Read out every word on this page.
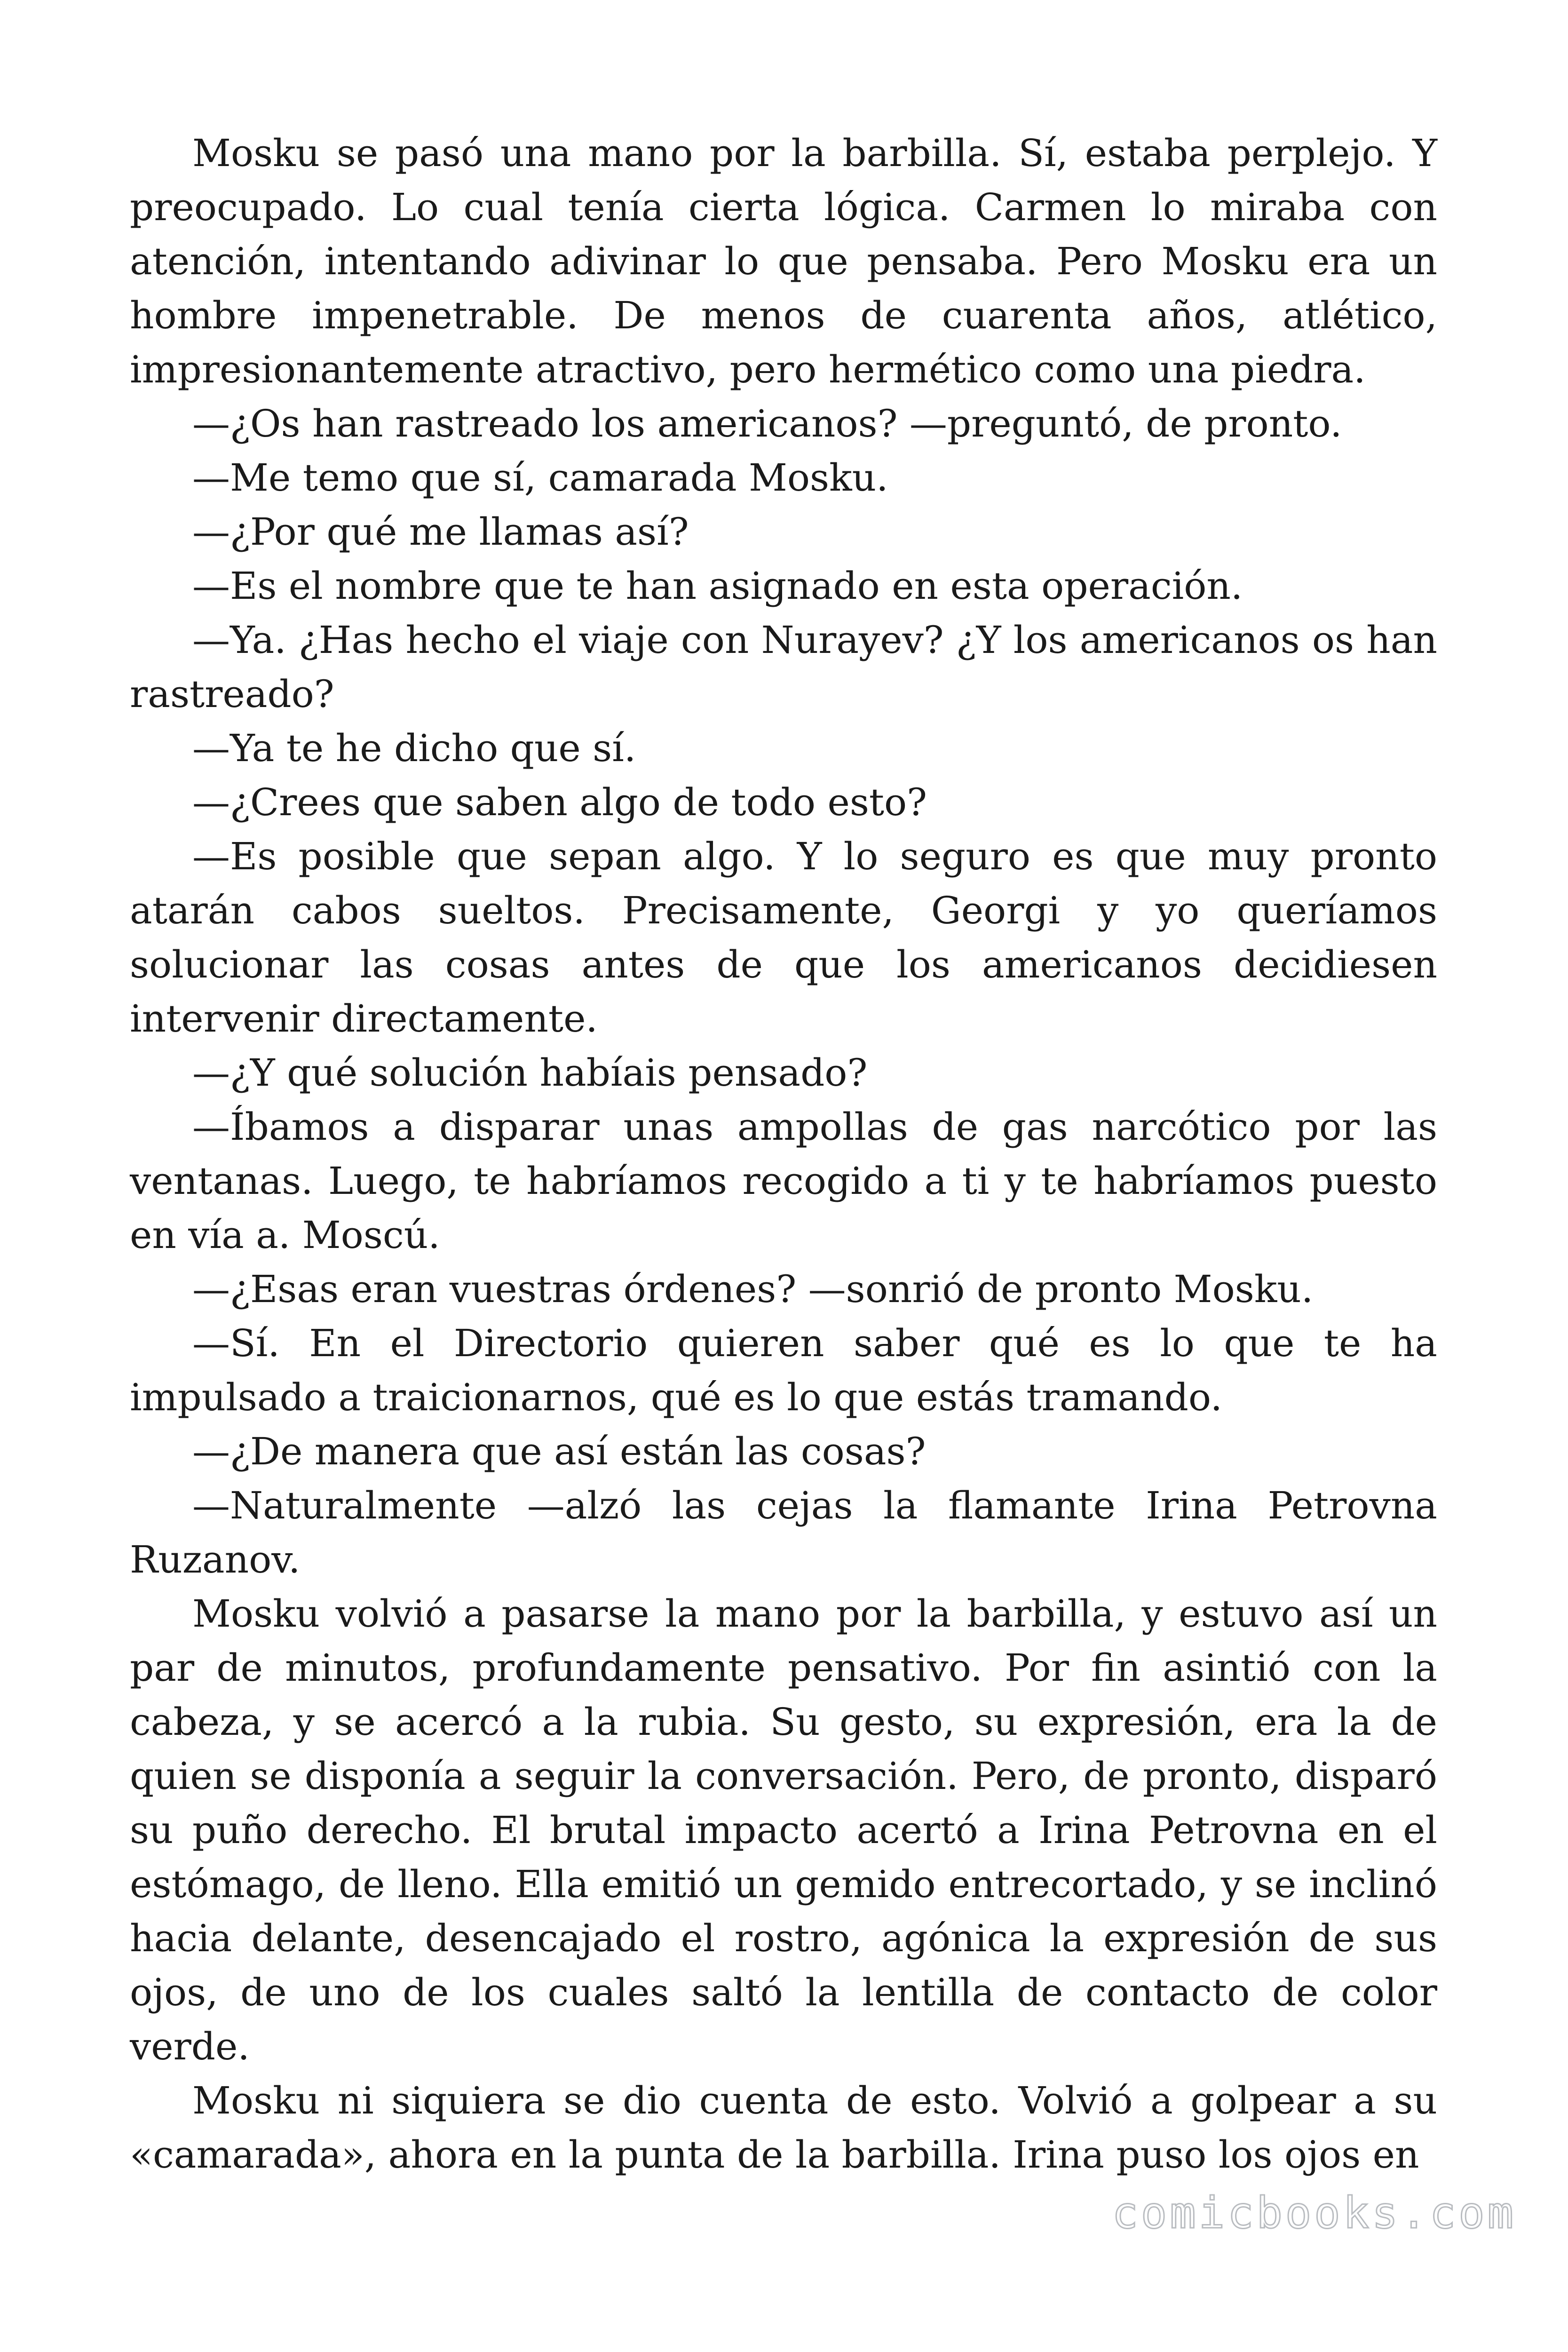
Mosku se pasó una mano por la barbilla. Sí, estaba perplejo. Y preocupado. Lo cual tenía cierta lógica. Carmen lo miraba con atención, intentando adivinar lo que pensaba. Pero Mosku era un hombre impenetrable. De menos de cuarenta años, atlético, impresionantemente atractivo, pero hermético como una piedra.

—¿Os han rastreado los americanos? —preguntó, de pronto.

—Me temo que sí, camarada Mosku.

—¿Por qué me llamas así?

—Es el nombre que te han asignado en esta operación.

—Ya. ¿Has hecho el viaje con Nurayev? ¿Y los americanos os han rastreado?

—Ya te he dicho que sí.

—¿Crees que saben algo de todo esto?

—Es posible que sepan algo. Y lo seguro es que muy pronto atarán cabos sueltos. Precisamente, Georgi y yo queríamos solucionar las cosas antes de que los americanos decidiesen intervenir directamente.

—¿Y qué solución habíais pensado?

—Íbamos a disparar unas ampollas de gas narcótico por las ventanas. Luego, te habríamos recogido a ti y te habríamos puesto en vía a. Moscú.

—¿Esas eran vuestras órdenes? —sonrió de pronto Mosku.

—Sí. En el Directorio quieren saber qué es lo que te ha impulsado a traicionarnos, qué es lo que estás tramando.

—¿De manera que así están las cosas?

—Naturalmente —alzó las cejas la flamante Irina Petrovna Ruzanov.

Mosku volvió a pasarse la mano por la barbilla, y estuvo así un par de minutos, profundamente pensativo. Por fin asintió con la cabeza, y se acercó a la rubia. Su gesto, su expresión, era la de quien se disponía a seguir la conversación. Pero, de pronto, disparó su puño derecho. El brutal impacto acertó a Irina Petrovna en el estómago, de lleno. Ella emitió un gemido entrecortado, y se inclinó hacia delante, desencajado el rostro, agónica la expresión de sus ojos, de uno de los cuales saltó la lentilla de contacto de color verde.

Mosku ni siquiera se dio cuenta de esto. Volvió a golpear a su «camarada», ahora en la punta de la barbilla. Irina puso los ojos en

comicbooks.com
